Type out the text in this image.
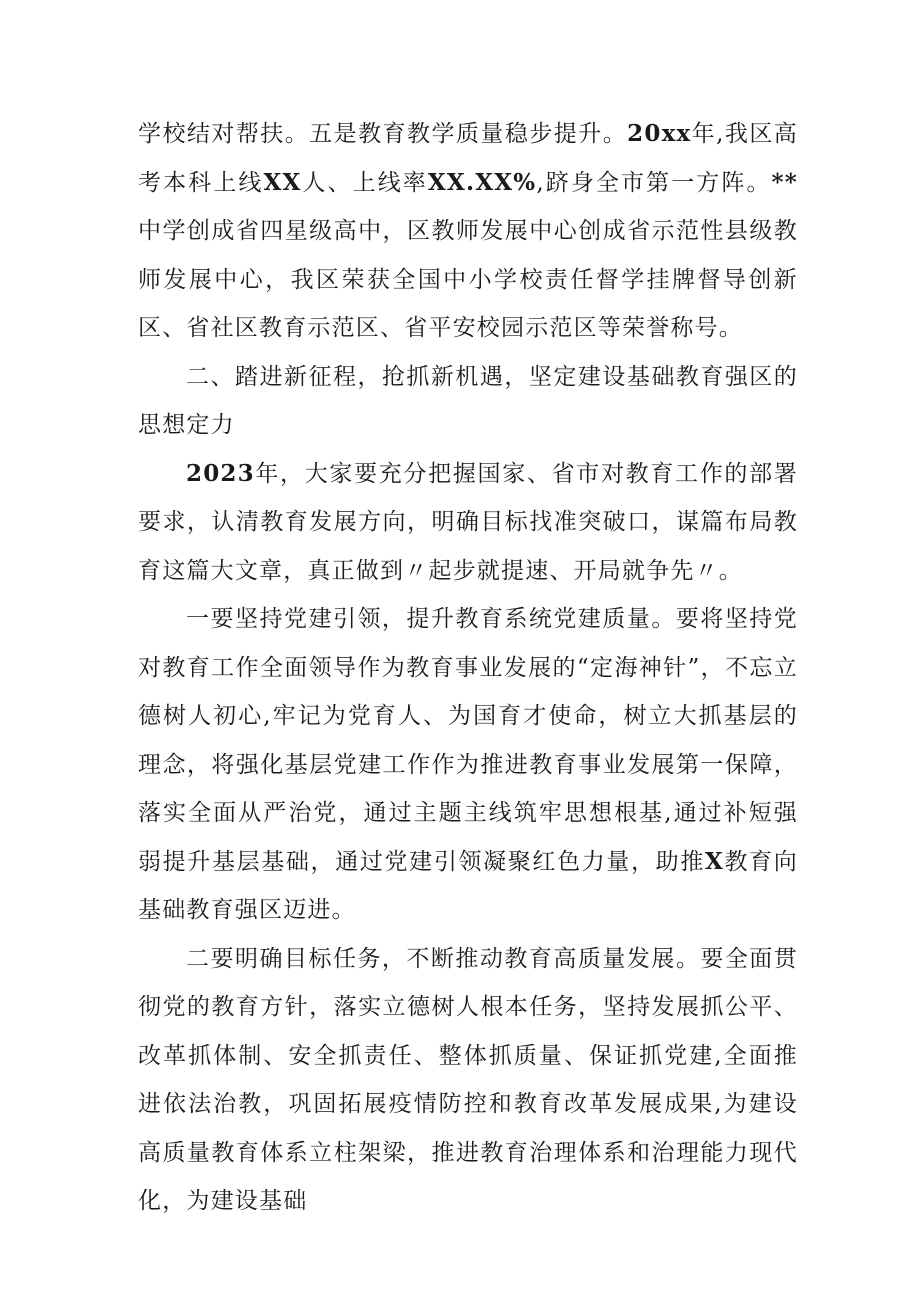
学校结对帮扶。五是教育教学质量稳步提升。20xx年,我区高考本科上线XX人、上线率XX.XX%,跻身全市第一方阵。**中学创成省四星级高中，区教师发展中心创成省示范性县级教师发展中心，我区荣获全国中小学校责任督学挂牌督导创新区、省社区教育示范区、省平安校园示范区等荣誉称号。

二、踏进新征程，抢抓新机遇，坚定建设基础教育强区的思想定力

2023年，大家要充分把握国家、省市对教育工作的部署要求，认清教育发展方向，明确目标找准突破口，谋篇布局教育这篇大文章，真正做到〃起步就提速、开局就争先〃。

一要坚持党建引领，提升教育系统党建质量。要将坚持党对教育工作全面领导作为教育事业发展的“定海神针”，不忘立德树人初心,牢记为党育人、为国育才使命，树立大抓基层的理念，将强化基层党建工作作为推进教育事业发展第一保障，落实全面从严治党，通过主题主线筑牢思想根基,通过补短强弱提升基层基础，通过党建引领凝聚红色力量，助推X教育向基础教育强区迈进。

二要明确目标任务，不断推动教育高质量发展。要全面贯彻党的教育方针，落实立德树人根本任务，坚持发展抓公平、改革抓体制、安全抓责任、整体抓质量、保证抓党建,全面推进依法治教，巩固拓展疫情防控和教育改革发展成果,为建设高质量教育体系立柱架梁，推进教育治理体系和治理能力现代化，为建设基础
